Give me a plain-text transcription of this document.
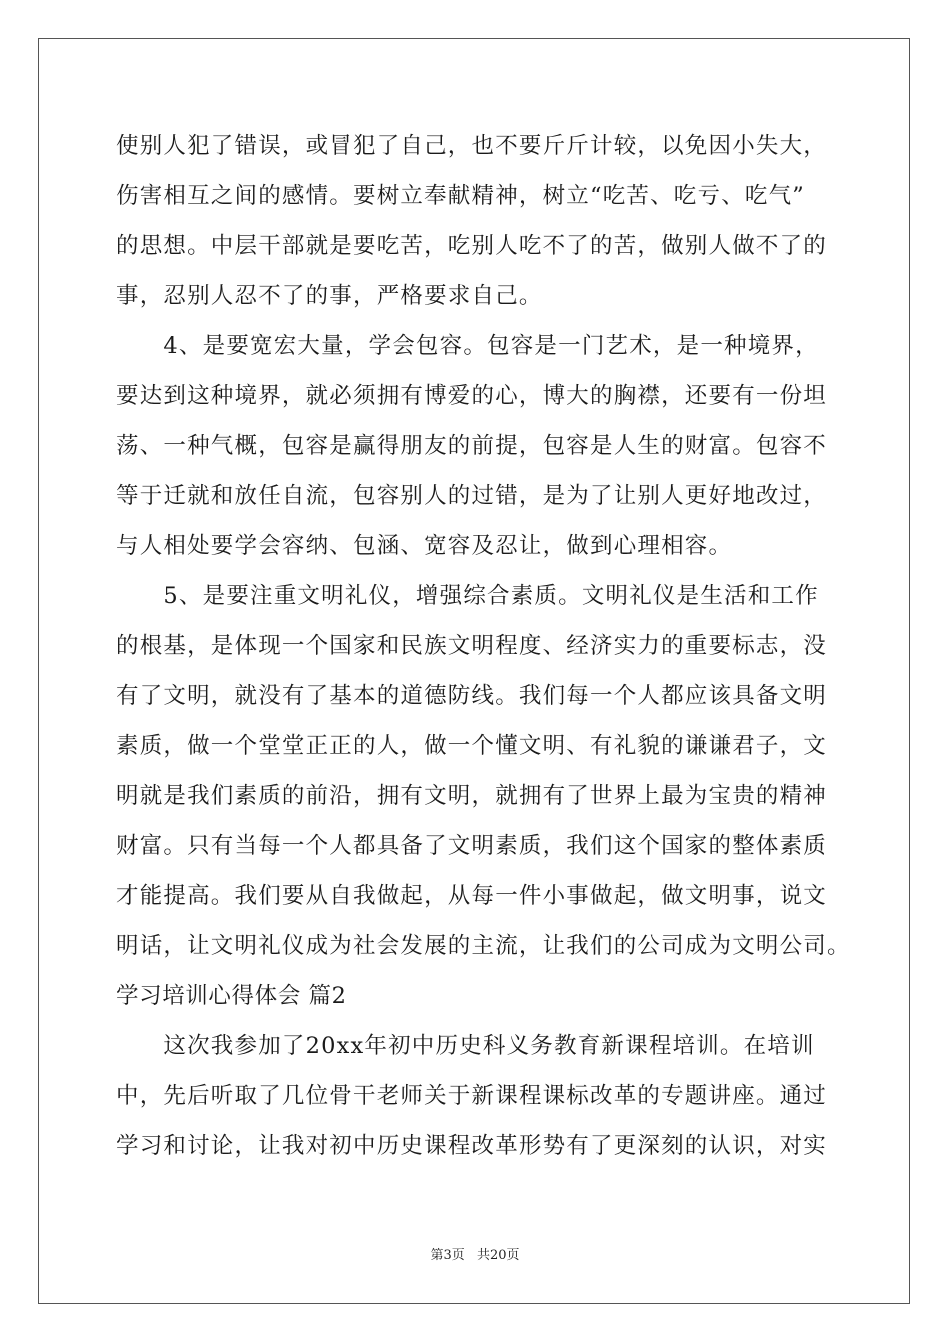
使别人犯了错误，或冒犯了自己，也不要斤斤计较，以免因小失大，
伤害相互之间的感情。要树立奉献精神，树立“吃苦、吃亏、吃气”
的思想。中层干部就是要吃苦，吃别人吃不了的苦，做别人做不了的
事，忍别人忍不了的事，严格要求自己。
　　4、是要宽宏大量，学会包容。包容是一门艺术，是一种境界，
要达到这种境界，就必须拥有博爱的心，博大的胸襟，还要有一份坦
荡、一种气概，包容是赢得朋友的前提，包容是人生的财富。包容不
等于迁就和放任自流，包容别人的过错，是为了让别人更好地改过，
与人相处要学会容纳、包涵、宽容及忍让，做到心理相容。
　　5、是要注重文明礼仪，增强综合素质。文明礼仪是生活和工作
的根基，是体现一个国家和民族文明程度、经济实力的重要标志，没
有了文明，就没有了基本的道德防线。我们每一个人都应该具备文明
素质，做一个堂堂正正的人，做一个懂文明、有礼貌的谦谦君子，文
明就是我们素质的前沿，拥有文明，就拥有了世界上最为宝贵的精神
财富。只有当每一个人都具备了文明素质，我们这个国家的整体素质
才能提高。我们要从自我做起，从每一件小事做起，做文明事，说文
明话，让文明礼仪成为社会发展的主流，让我们的公司成为文明公司。
学习培训心得体会 篇2
　　这次我参加了20xx年初中历史科义务教育新课程培训。在培训
中，先后听取了几位骨干老师关于新课程课标改革的专题讲座。通过
学习和讨论，让我对初中历史课程改革形势有了更深刻的认识，对实
第3页 共20页
